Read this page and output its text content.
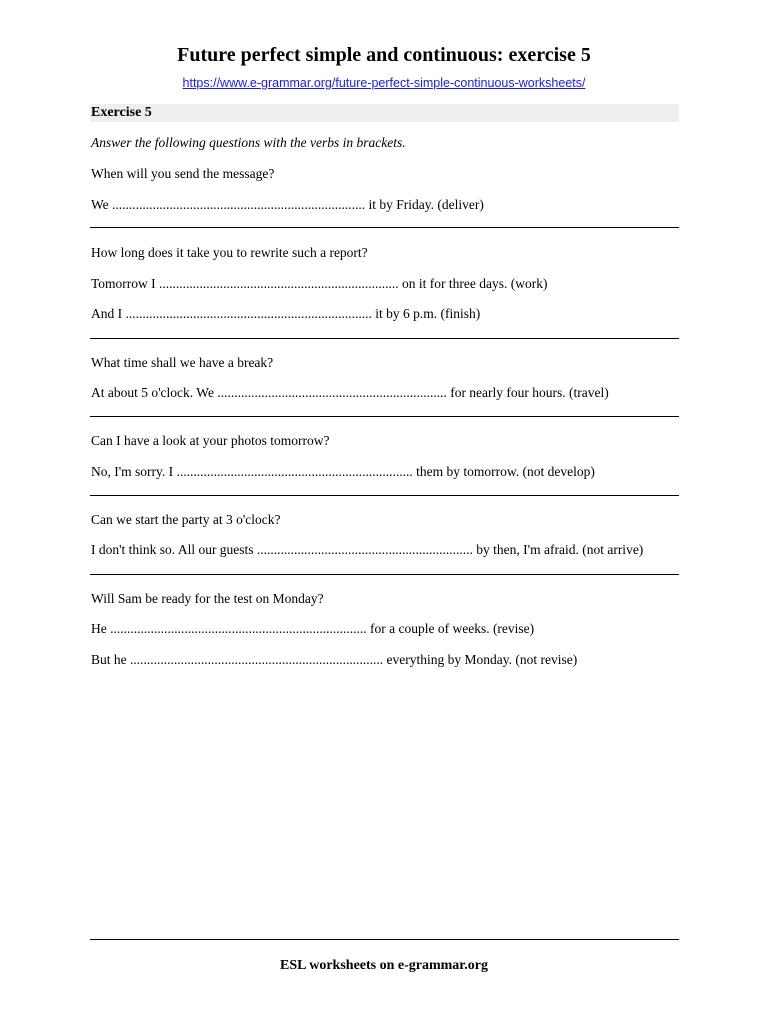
Future perfect simple and continuous: exercise 5
https://www.e-grammar.org/future-perfect-simple-continuous-worksheets/
Exercise 5
Answer the following questions with the verbs in brackets.
When will you send the message?
We ........................................................................... it by Friday. (deliver)
How long does it take you to rewrite such a report?
Tomorrow I ....................................................................... on it for three days. (work)
And I ......................................................................... it by 6 p.m. (finish)
What time shall we have a break?
At about 5 o'clock. We .................................................................... for nearly four hours. (travel)
Can I have a look at your photos tomorrow?
No, I'm sorry. I ...................................................................... them by tomorrow. (not develop)
Can we start the party at 3 o'clock?
I don't think so. All our guests ................................................................ by then, I'm afraid. (not arrive)
Will Sam be ready for the test on Monday?
He ............................................................................ for a couple of weeks. (revise)
But he ........................................................................... everything by Monday. (not revise)
ESL worksheets on e-grammar.org
